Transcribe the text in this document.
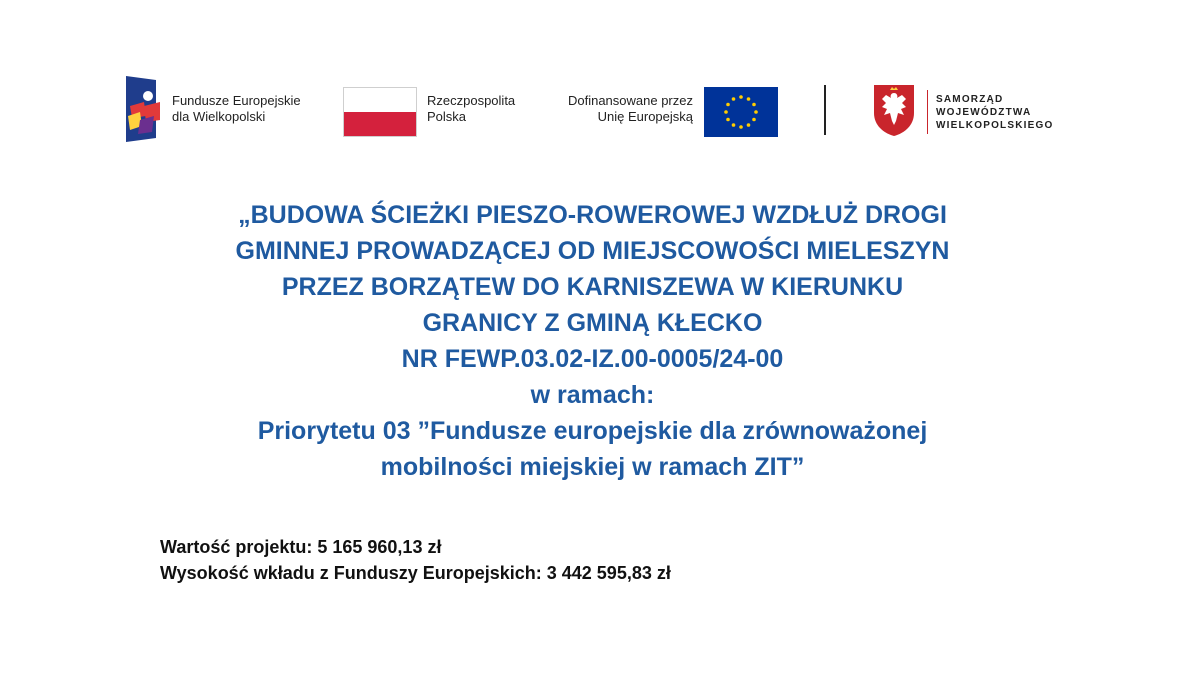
Fundusze Europejskie
dla Wielkopolski
Rzeczpospolita
Polska
Dofinansowane przez
Unię Europejską
SAMORZĄD
WOJEWÓDZTWA
WIELKOPOLSKIEGO
„BUDOWA ŚCIEŻKI PIESZO-ROWEROWEJ WZDŁUŻ DROGI
GMINNEJ PROWADZĄCEJ OD MIEJSCOWOŚCI MIELESZYN
PRZEZ BORZĄTEW DO KARNISZEWA W KIERUNKU
GRANICY Z GMINĄ KŁECKO
NR FEWP.03.02-IZ.00-0005/24-00
w ramach:
Priorytetu 03 ”Fundusze europejskie dla zrównoważonej
mobilności miejskiej w ramach ZIT”
Wartość projektu: 5 165 960,13 zł
Wysokość wkładu z Funduszy Europejskich: 3 442 595,83 zł
